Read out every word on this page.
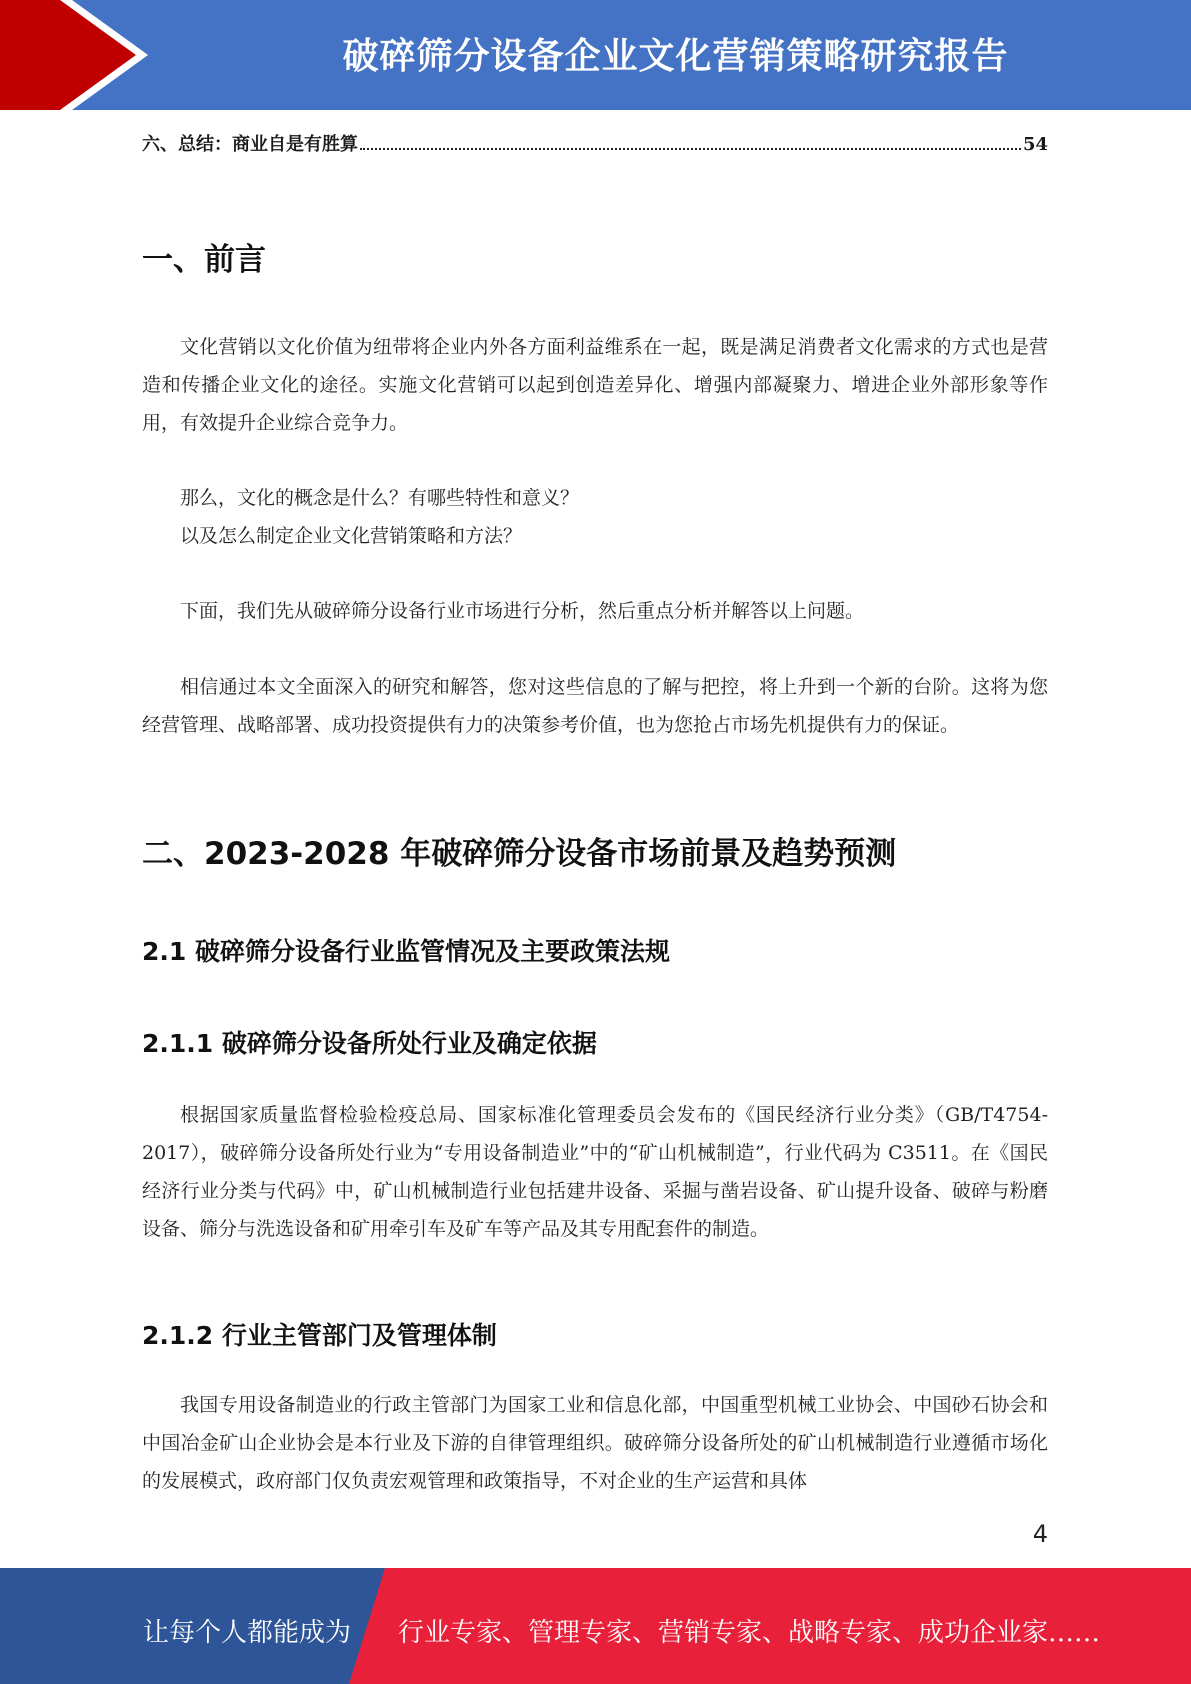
破碎筛分设备企业文化营销策略研究报告
六、总结：商业自是有胜算	54
一、前言

文化营销以文化价值为纽带将企业内外各方面利益维系在一起，既是满足消费者文化需求的方式也是营造和传播企业文化的途径。实施文化营销可以起到创造差异化、增强内部凝聚力、增进企业外部形象等作用，有效提升企业综合竞争力。

那么，文化的概念是什么？有哪些特性和意义？

以及怎么制定企业文化营销策略和方法？

下面，我们先从破碎筛分设备行业市场进行分析，然后重点分析并解答以上问题。

相信通过本文全面深入的研究和解答，您对这些信息的了解与把控，将上升到一个新的台阶。这将为您经营管理、战略部署、成功投资提供有力的决策参考价值，也为您抢占市场先机提供有力的保证。

二、2023-2028 年破碎筛分设备市场前景及趋势预测
2.1 破碎筛分设备行业监管情况及主要政策法规
2.1.1 破碎筛分设备所处行业及确定依据

根据国家质量监督检验检疫总局、国家标准化管理委员会发布的《国民经济行业分类》（GB/T4754-2017），破碎筛分设备所处行业为“专用设备制造业”中的“矿山机械制造”，行业代码为 C3511。在《国民经济行业分类与代码》中，矿山机械制造行业包括建井设备、采掘与凿岩设备、矿山提升设备、破碎与粉磨设备、筛分与洗选设备和矿用牵引车及矿车等产品及其专用配套件的制造。

2.1.2 行业主管部门及管理体制

我国专用设备制造业的行政主管部门为国家工业和信息化部，中国重型机械工业协会、中国砂石协会和中国冶金矿山企业协会是本行业及下游的自律管理组织。破碎筛分设备所处的矿山机械制造行业遵循市场化的发展模式，政府部门仅负责宏观管理和政策指导，不对企业的生产运营和具体

4
让每个人都能成为 行业专家、管理专家、营销专家、战略专家、成功企业家……
